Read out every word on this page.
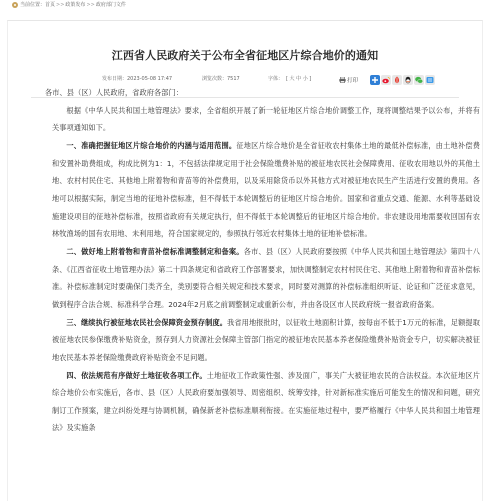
当前位置： 首页 >> 政策发布 >> 政府部门文件
江西省人民政府关于公布全省征地区片综合地价的通知
发布日期： 2023-05-08 17:47	浏览次数： 7517	字体： [ 大 中 小 ]	打印

各市、县（区）人民政府，省政府各部门：

根据《中华人民共和国土地管理法》要求，全省组织开展了新一轮征地区片综合地价调整工作，现将调整结果予以公布，并将有关事项通知如下。

一、准确把握征地区片综合地价的内涵与适用范围。征地区片综合地价是全省征收农村集体土地的最低补偿标准，由土地补偿费和安置补助费组成，构成比例为1：1，不包括法律规定用于社会保险缴费补贴的被征地农民社会保障费用、征收农用地以外的其他土地、农村村民住宅、其他地上附着物和青苗等的补偿费用，以及采用除货币以外其他方式对被征地农民生产生活进行安置的费用。各地可以根据实际，制定当地的征地补偿标准，但不得低于本轮调整后的征地区片综合地价。国家和省重点交通、能源、水利等基础设施建设项目的征地补偿标准，按照省政府有关规定执行，但不得低于本轮调整后的征地区片综合地价。非农建设用地需要收回国有农林牧渔场的国有农用地、未利用地，符合国家规定的，参照执行邻近农村集体土地的征地补偿标准。

二、做好地上附着物和青苗补偿标准调整制定和备案。各市、县（区）人民政府要按照《中华人民共和国土地管理法》第四十八条、《江西省征收土地管理办法》第二十四条规定和省政府工作部署要求，加快调整制定农村村民住宅、其他地上附着物和青苗补偿标准。补偿标准制定时要确保门类齐全，类别要符合相关规定和技术要求，同时要对测算的补偿标准组织听证、论证和广泛征求意见，做到程序合法合规、标准科学合理。2024年2月底之前调整制定或重新公布，并由各设区市人民政府统一报省政府备案。

三、继续执行被征地农民社会保障资金预存制度。我省用地报批时，以征收土地面积计算，按每亩不低于1万元的标准，足额提取被征地农民参保缴费补贴资金，预存到人力资源社会保障主管部门指定的被征地农民基本养老保险缴费补贴资金专户，切实解决被征地农民基本养老保险缴费政府补贴资金不足问题。

四、依法规范有序做好土地征收各项工作。土地征收工作政策性强、涉及面广，事关广大被征地农民的合法权益。本次征地区片综合地价公布实施后，各市、县（区）人民政府要加强领导、周密组织、统筹安排，针对新标准实施后可能发生的情况和问题，研究制订工作预案，建立纠纷处理与协调机制，确保新老补偿标准顺利衔接。在实施征地过程中，要严格履行《中华人民共和国土地管理法》及实施条
